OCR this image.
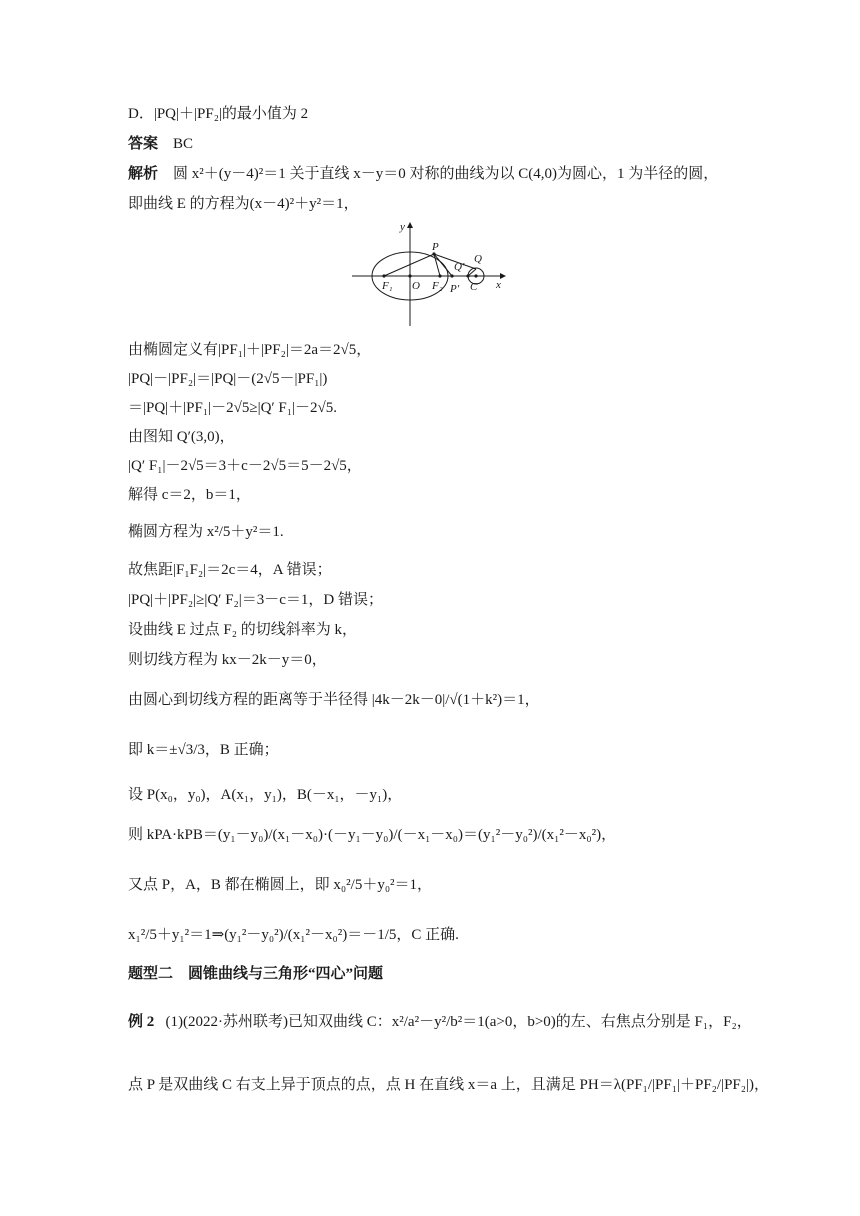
D．|PQ|＋|PF₂|的最小值为 2
答案 BC
解析 圆 x²＋(y－4)²＝1 关于直线 x－y＝0 对称的曲线为以 C(4,0)为圆心，1 为半径的圆，
即曲线 E 的方程为(x－4)²＋y²＝1，
y
x
P
Q
Q′
F₁ O F₂ P′ C
由椭圆定义有|PF₁|＋|PF₂|＝2a＝2√5，
|PQ|－|PF₂|＝|PQ|－(2√5－|PF₁|)
＝|PQ|＋|PF₁|－2√5≥|Q′ F₁|－2√5.
由图知 Q′(3,0)，
|Q′ F₁|－2√5＝3＋c－2√5＝5－2√5，
解得 c＝2，b＝1，
椭圆方程为 x²/5＋y²＝1.
故焦距|F₁F₂|＝2c＝4，A 错误；
|PQ|＋|PF₂|≥|Q′ F₂|＝3－c＝1，D 错误；
设曲线 E 过点 F₂ 的切线斜率为 k，
则切线方程为 kx－2k－y＝0，
由圆心到切线方程的距离等于半径得 |4k－2k－0|/√(1＋k²)＝1，
即 k＝±√3/3，B 正确；
设 P(x₀，y₀)，A(x₁，y₁)，B(－x₁，－y₁)，
则 kPA·kPB＝(y₁－y₀)/(x₁－x₀)·(－y₁－y₀)/(－x₁－x₀)＝(y₁²－y₀²)/(x₁²－x₀²)，
又点 P，A，B 都在椭圆上，即 x₀²/5＋y₀²＝1，
x₁²/5＋y₁²＝1⇒(y₁²－y₀²)/(x₁²－x₀²)＝－1/5，C 正确.
题型二　圆锥曲线与三角形“四心”问题
例 2 (1)(2022·苏州联考)已知双曲线 C：x²/a²－y²/b²＝1(a>0，b>0)的左、右焦点分别是 F₁，F₂，
点 P 是双曲线 C 右支上异于顶点的点，点 H 在直线 x＝a 上，且满足 PH＝λ(PF₁/|PF₁|＋PF₂/|PF₂|)，
